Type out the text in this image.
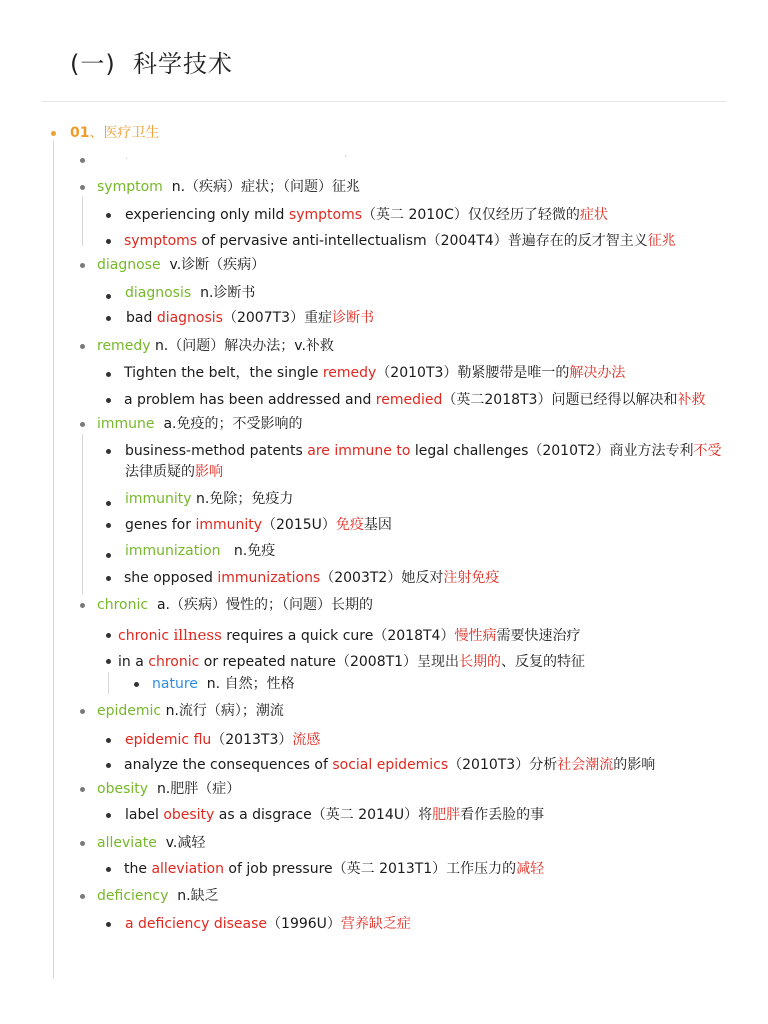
(一)  科学技术
01、医疗卫生
·                                                                    '
symptom n.（疾病）症状；（问题）征兆
experiencing only mild symptoms（英二 2010C）仅仅经历了轻微的症状
symptoms of pervasive anti-intellectualism（2004T4）普遍存在的反才智主义征兆
diagnose v.诊断（疾病）
diagnosis n.诊断书
bad diagnosis（2007T3）重症诊断书
remedy n.（问题）解决办法；v.补救
Tighten the belt，the single remedy（2010T3）勒紧腰带是唯一的解决办法
a problem has been addressed and remedied（英二2018T3）问题已经得以解决和补救
immune a.免疫的；不受影响的
business-method patents are immune to legal challenges（2010T2）商业方法专利不受
法律质疑的影响
immunity n.免除；免疫力
genes for immunity（2015U）免疫基因
immunization n.免疫
she opposed immunizations（2003T2）她反对注射免疫
chronic a.（疾病）慢性的；（问题）长期的
chronic illness requires a quick cure（2018T4）慢性病需要快速治疗
in a chronic or repeated nature（2008T1）呈现出长期的、反复的特征
nature n. 自然；性格
epidemic n.流行（病）；潮流
epidemic flu（2013T3）流感
analyze the consequences of social epidemics（2010T3）分析社会潮流的影响
obesity n.肥胖（症）
label obesity as a disgrace（英二 2014U）将肥胖看作丢脸的事
alleviate v.减轻
the alleviation of job pressure（英二 2013T1）工作压力的减轻
deficiency n.缺乏
a deficiency disease（1996U）营养缺乏症
